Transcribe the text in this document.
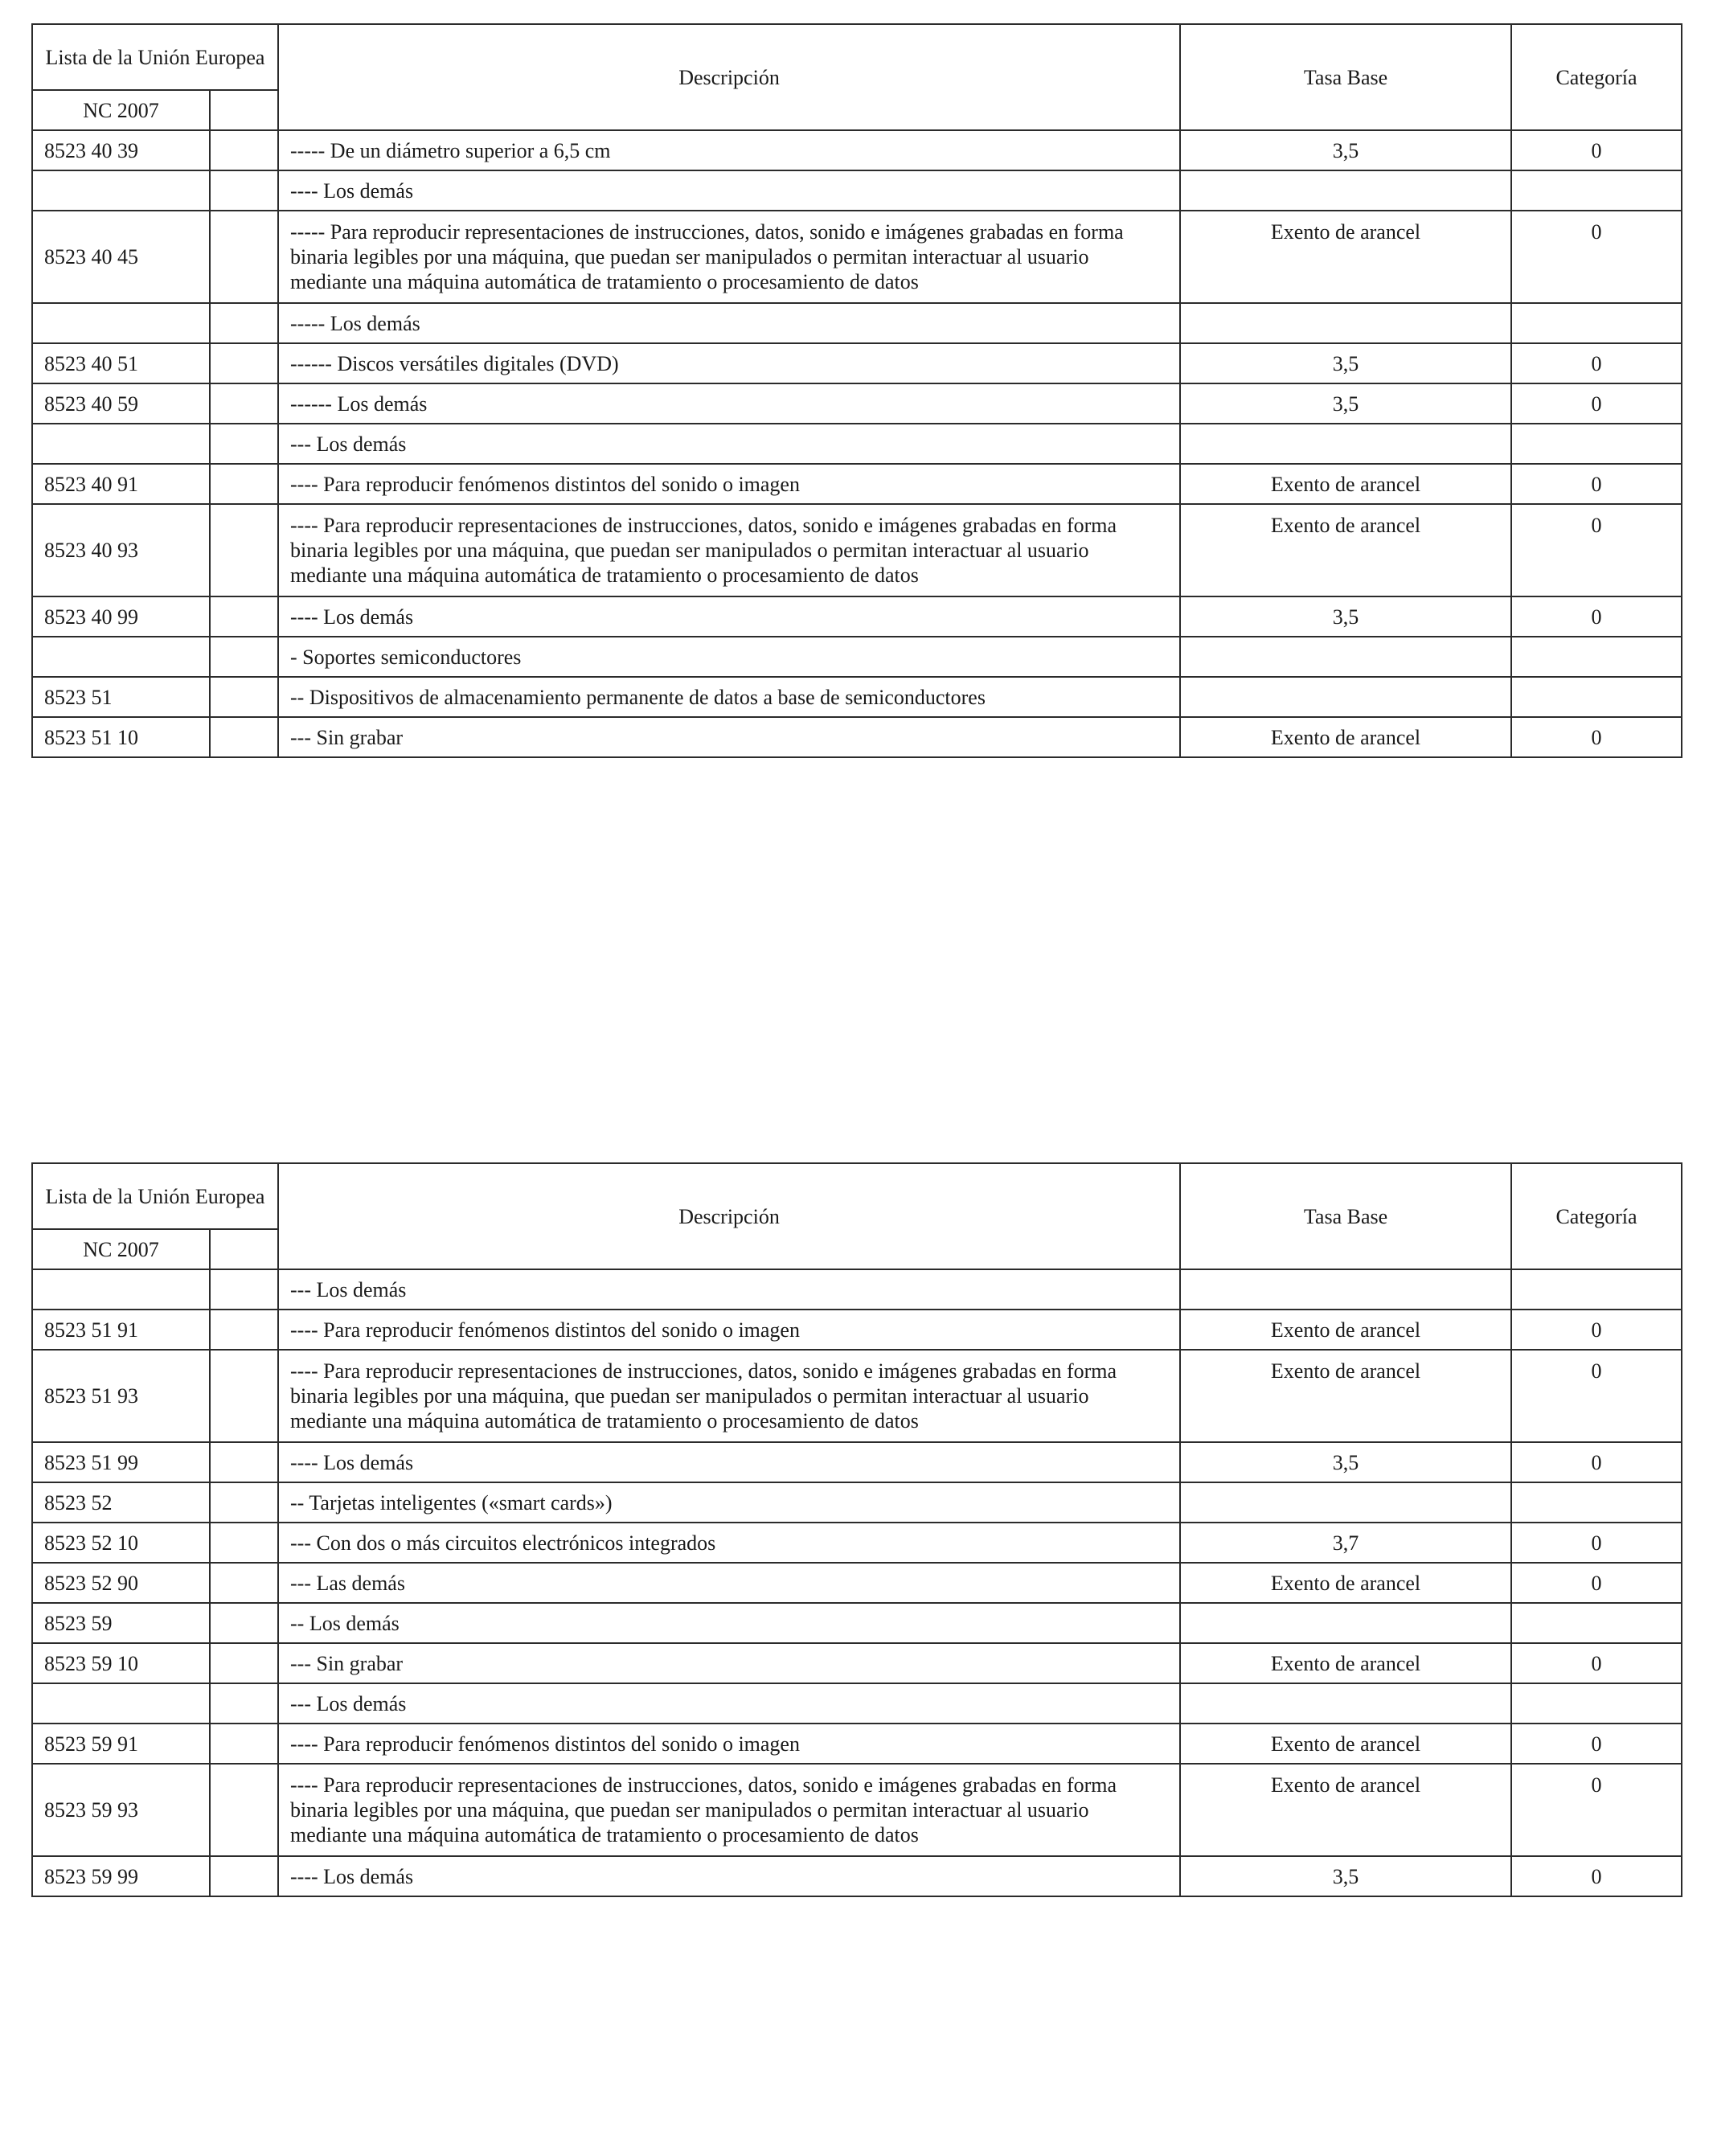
Lista de la Unión Europea		Descripción	Tasa Base	Categoría
NC 2007				
8523 40 39		----- De un diámetro superior a 6,5 cm	3,5	0
		---- Los demás		
8523 40 45		----- Para reproducir representaciones de instrucciones, datos, sonido e imágenes grabadas en forma binaria legibles por una máquina, que puedan ser manipulados o permitan interactuar al usuario mediante una máquina automática de tratamiento o procesamiento de datos	Exento de arancel	0
		----- Los demás		
8523 40 51		------ Discos versátiles digitales (DVD)	3,5	0
8523 40 59		------ Los demás	3,5	0
		--- Los demás		
8523 40 91		---- Para reproducir fenómenos distintos del sonido o imagen	Exento de arancel	0
8523 40 93		---- Para reproducir representaciones de instrucciones, datos, sonido e imágenes grabadas en forma binaria legibles por una máquina, que puedan ser manipulados o permitan interactuar al usuario mediante una máquina automática de tratamiento o procesamiento de datos	Exento de arancel	0
8523 40 99		---- Los demás	3,5	0
		- Soportes semiconductores		
8523 51		-- Dispositivos de almacenamiento permanente de datos a base de semiconductores		
8523 51 10		--- Sin grabar	Exento de arancel	0
Lista de la Unión Europea		Descripción	Tasa Base	Categoría
NC 2007				
		--- Los demás		
8523 51 91		---- Para reproducir fenómenos distintos del sonido o imagen	Exento de arancel	0
8523 51 93		---- Para reproducir representaciones de instrucciones, datos, sonido e imágenes grabadas en forma binaria legibles por una máquina, que puedan ser manipulados o permitan interactuar al usuario mediante una máquina automática de tratamiento o procesamiento de datos	Exento de arancel	0
8523 51 99		---- Los demás	3,5	0
8523 52		-- Tarjetas inteligentes («smart cards»)		
8523 52 10		--- Con dos o más circuitos electrónicos integrados	3,7	0
8523 52 90		--- Las demás	Exento de arancel	0
8523 59		-- Los demás		
8523 59 10		--- Sin grabar	Exento de arancel	0
		--- Los demás		
8523 59 91		---- Para reproducir fenómenos distintos del sonido o imagen	Exento de arancel	0
8523 59 93		---- Para reproducir representaciones de instrucciones, datos, sonido e imágenes grabadas en forma binaria legibles por una máquina, que puedan ser manipulados o permitan interactuar al usuario mediante una máquina automática de tratamiento o procesamiento de datos	Exento de arancel	0
8523 59 99		---- Los demás	3,5	0
